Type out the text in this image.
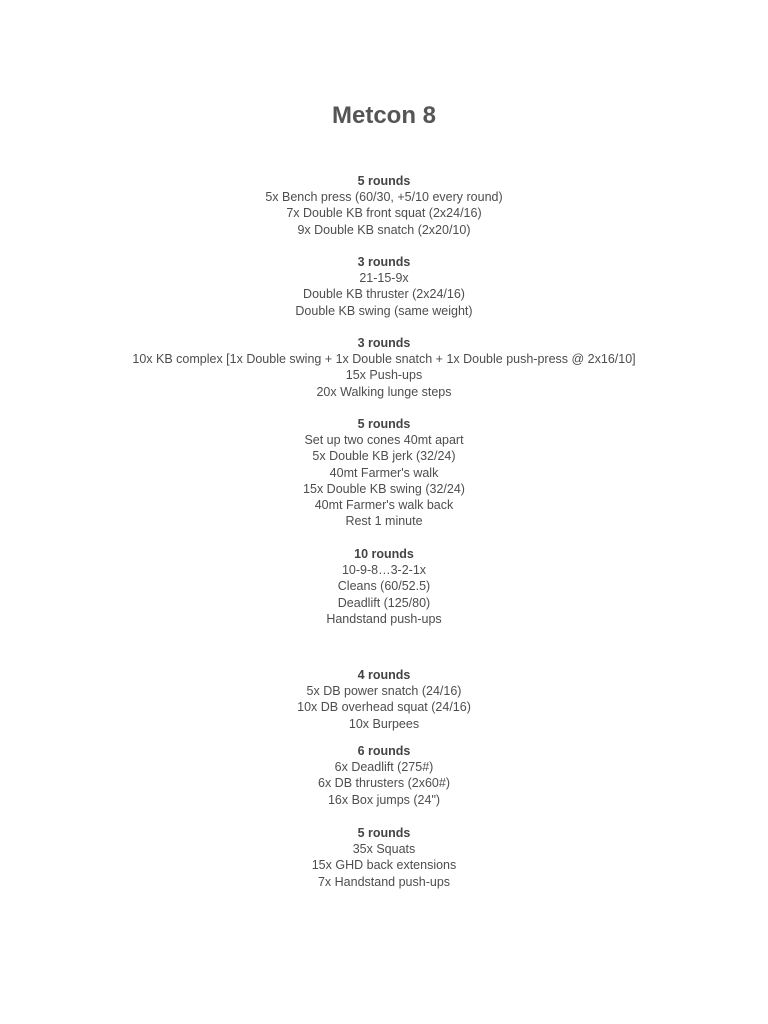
Metcon 8
5 rounds
5x Bench press (60/30, +5/10 every round)
7x Double KB front squat (2x24/16)
9x Double KB snatch (2x20/10)
3 rounds
21-15-9x
Double KB thruster (2x24/16)
Double KB swing (same weight)
3 rounds
10x KB complex [1x Double swing + 1x Double snatch + 1x Double push-press @ 2x16/10]
15x Push-ups
20x Walking lunge steps
5 rounds
Set up two cones 40mt apart
5x Double KB jerk (32/24)
40mt Farmer's walk
15x Double KB swing (32/24)
40mt Farmer's walk back
Rest 1 minute
10 rounds
10-9-8…3-2-1x
Cleans (60/52.5)
Deadlift (125/80)
Handstand push-ups
4 rounds
5x DB power snatch (24/16)
10x DB overhead squat (24/16)
10x Burpees
6 rounds
6x Deadlift (275#)
6x DB thrusters (2x60#)
16x Box jumps (24")
5 rounds
35x Squats
15x GHD back extensions
7x Handstand push-ups
